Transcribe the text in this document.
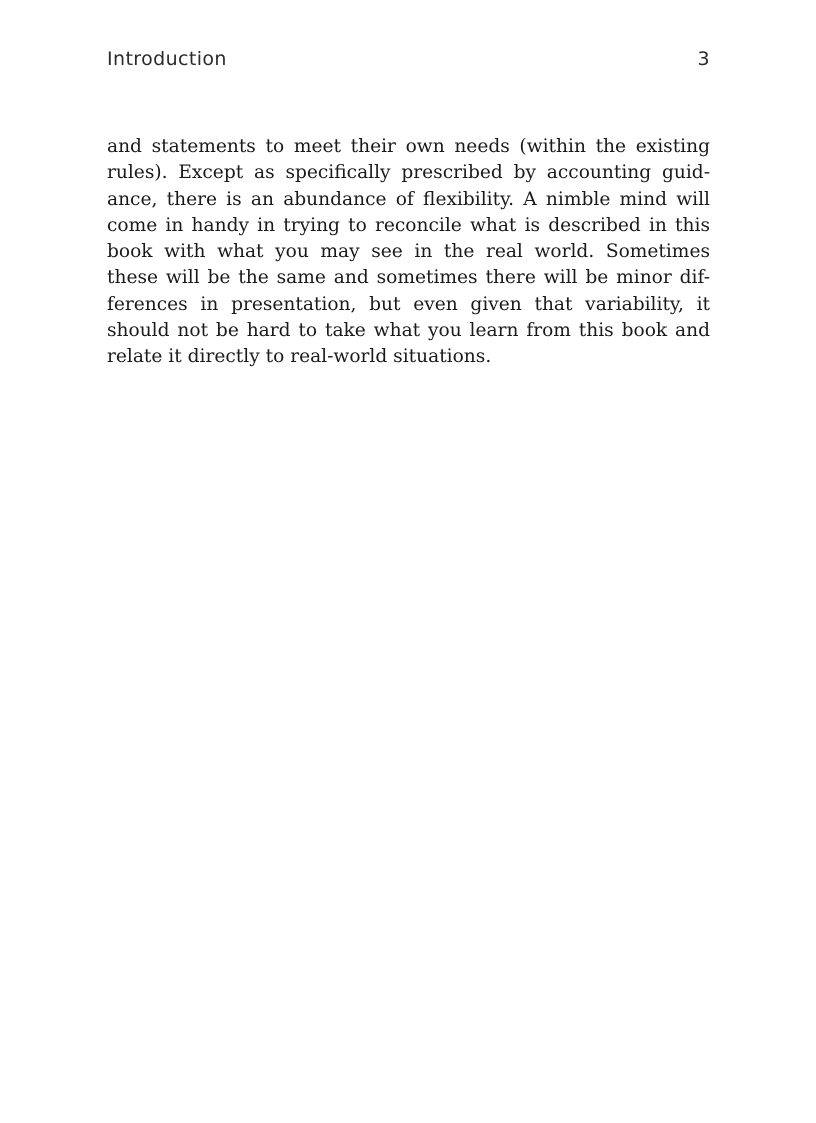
Introduction	3

and statements to meet their own needs (within the existing
rules). Except as specifically prescribed by accounting guid-
ance, there is an abundance of flexibility. A nimble mind will
come in handy in trying to reconcile what is described in this
book with what you may see in the real world. Sometimes
these will be the same and sometimes there will be minor dif-
ferences in presentation, but even given that variability, it
should not be hard to take what you learn from this book and
relate it directly to real-world situations.
